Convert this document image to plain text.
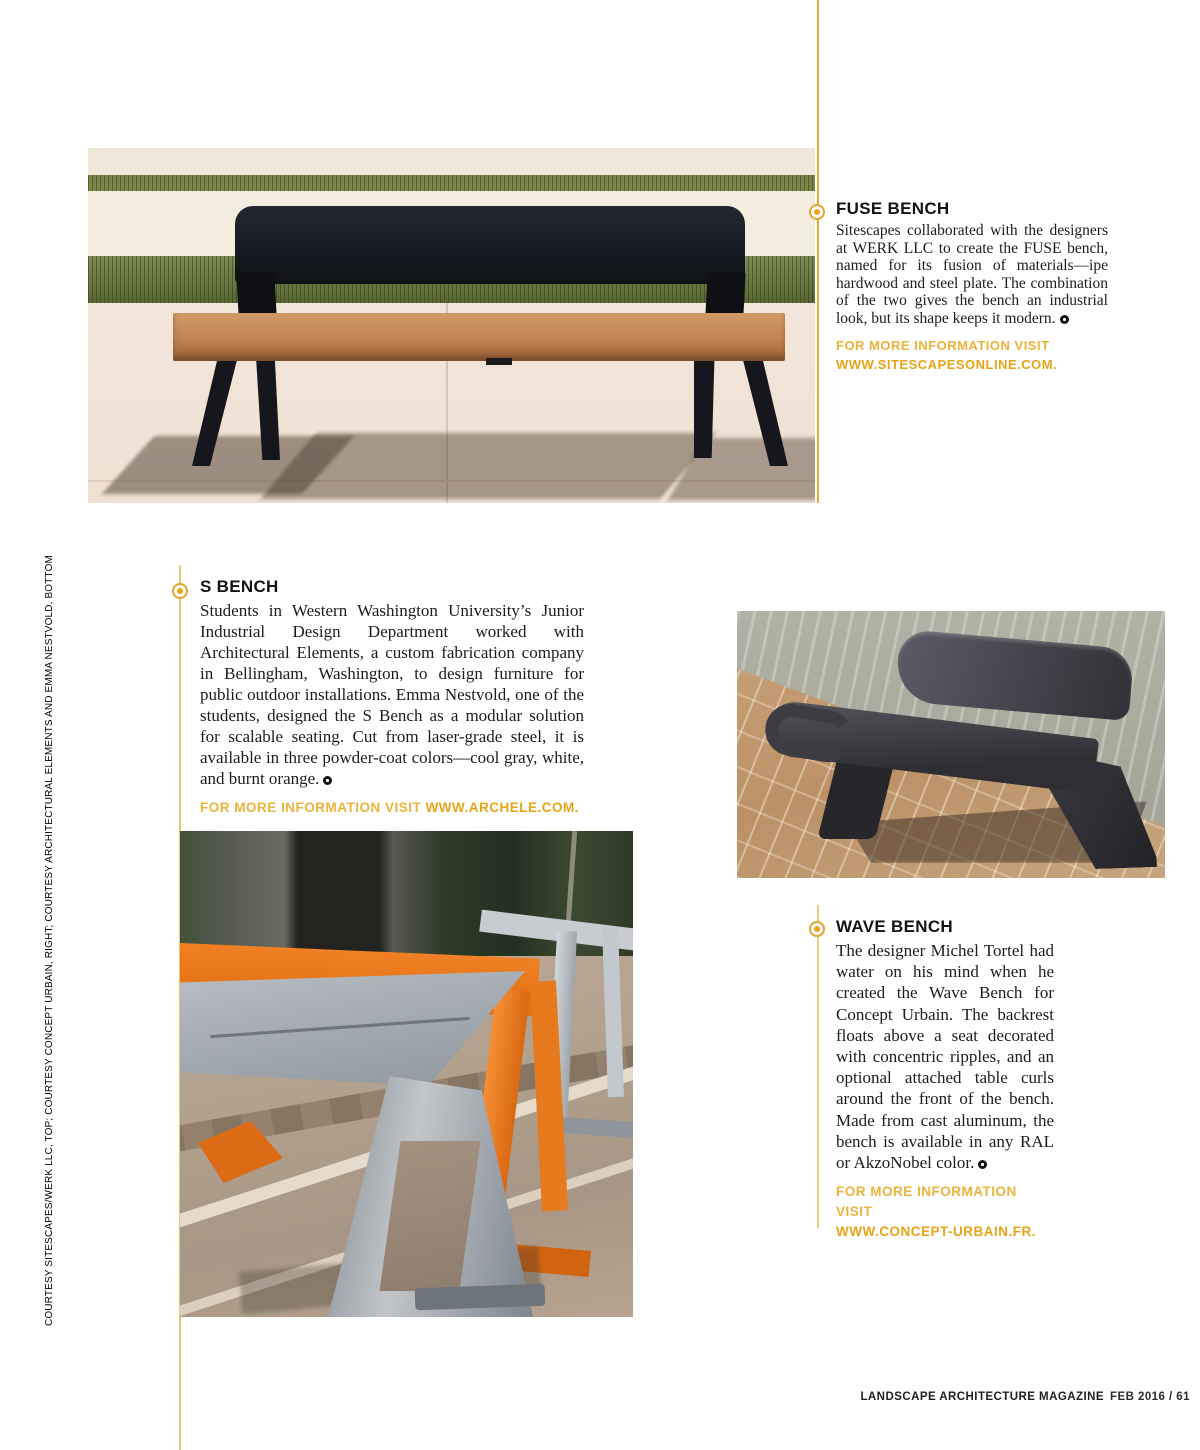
FUSE BENCH
Sitescapes collaborated with the designers at WERK LLC to create the FUSE bench, named for its fusion of materials—ipe hardwood and steel plate. The combination of the two gives the bench an industrial look, but its shape keeps it modern.
FOR MORE INFORMATION VISIT
WWW.SITESCAPESONLINE.COM.
S BENCH
Students in Western Washington University’s Junior Industrial Design Department worked with Architectural Elements, a custom fabrication company in Bellingham, Washington, to design furniture for public outdoor installations. Emma Nestvold, one of the students, designed the S Bench as a modular solution for scalable seating. Cut from laser-grade steel, it is available in three powder-coat colors—cool gray, white, and burnt orange.
FOR MORE INFORMATION VISIT WWW.ARCHELE.COM.
WAVE BENCH
The designer Michel Tortel had water on his mind when he created the Wave Bench for Concept Urbain. The backrest floats above a seat decorated with concentric ripples, and an optional attached table curls around the front of the bench. Made from cast aluminum, the bench is available in any RAL or AkzoNobel color.
FOR MORE INFORMATION VISIT
WWW.CONCEPT-URBAIN.FR.
COURTESY SITESCAPES/WERK LLC, TOP; COURTESY CONCEPT URBAIN, RIGHT; COURTESY ARCHITECTURAL ELEMENTS AND EMMA NESTVOLD, BOTTOM
LANDSCAPE ARCHITECTURE MAGAZINE FEB 2016 / 61
